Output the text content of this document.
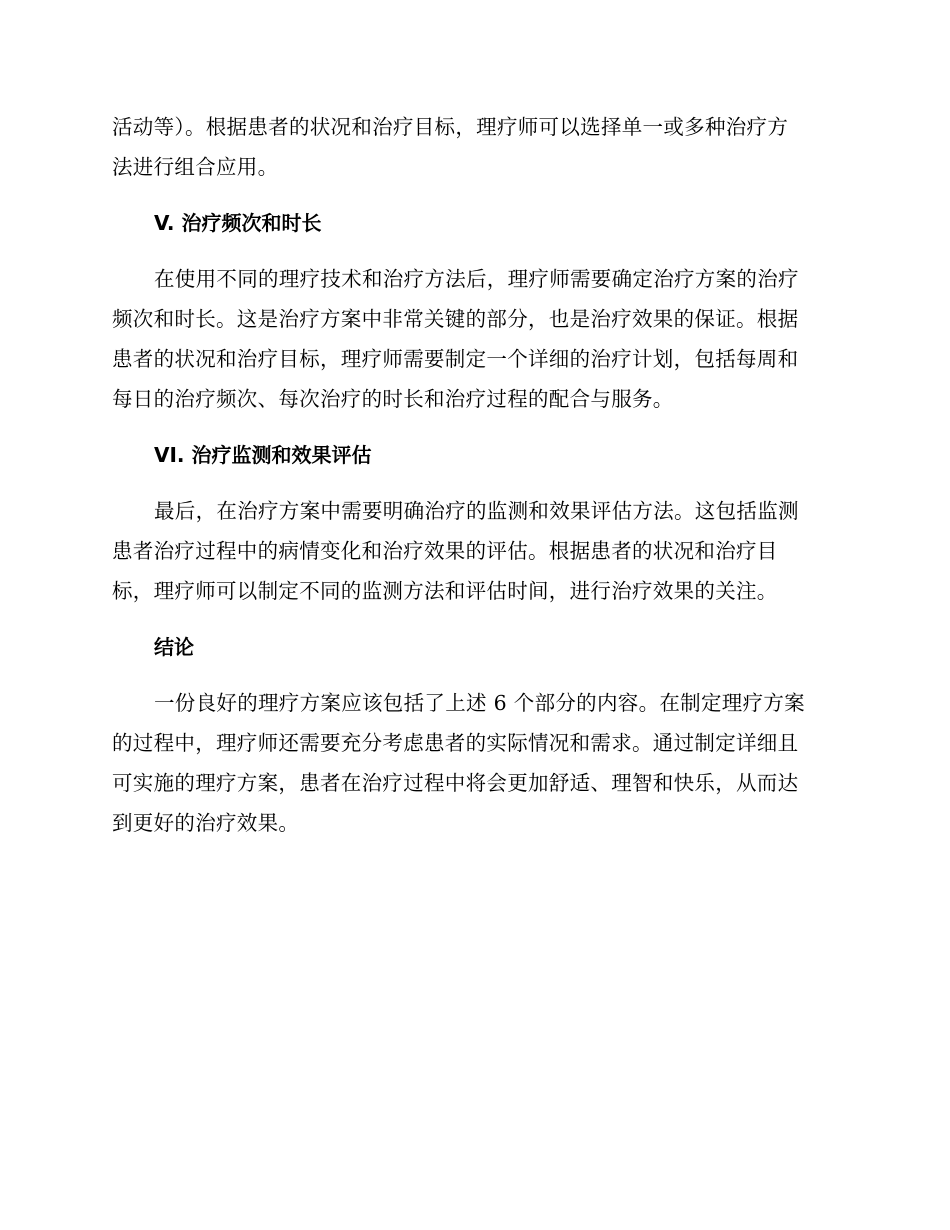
活动等）。根据患者的状况和治疗目标，理疗师可以选择单一或多种治疗方
法进行组合应用。

V. 治疗频次和时长

在使用不同的理疗技术和治疗方法后，理疗师需要确定治疗方案的治疗
频次和时长。这是治疗方案中非常关键的部分，也是治疗效果的保证。根据
患者的状况和治疗目标，理疗师需要制定一个详细的治疗计划，包括每周和
每日的治疗频次、每次治疗的时长和治疗过程的配合与服务。

VI. 治疗监测和效果评估

最后，在治疗方案中需要明确治疗的监测和效果评估方法。这包括监测
患者治疗过程中的病情变化和治疗效果的评估。根据患者的状况和治疗目
标，理疗师可以制定不同的监测方法和评估时间，进行治疗效果的关注。

结论

一份良好的理疗方案应该包括了上述 6 个部分的内容。在制定理疗方案
的过程中，理疗师还需要充分考虑患者的实际情况和需求。通过制定详细且
可实施的理疗方案，患者在治疗过程中将会更加舒适、理智和快乐，从而达
到更好的治疗效果。
